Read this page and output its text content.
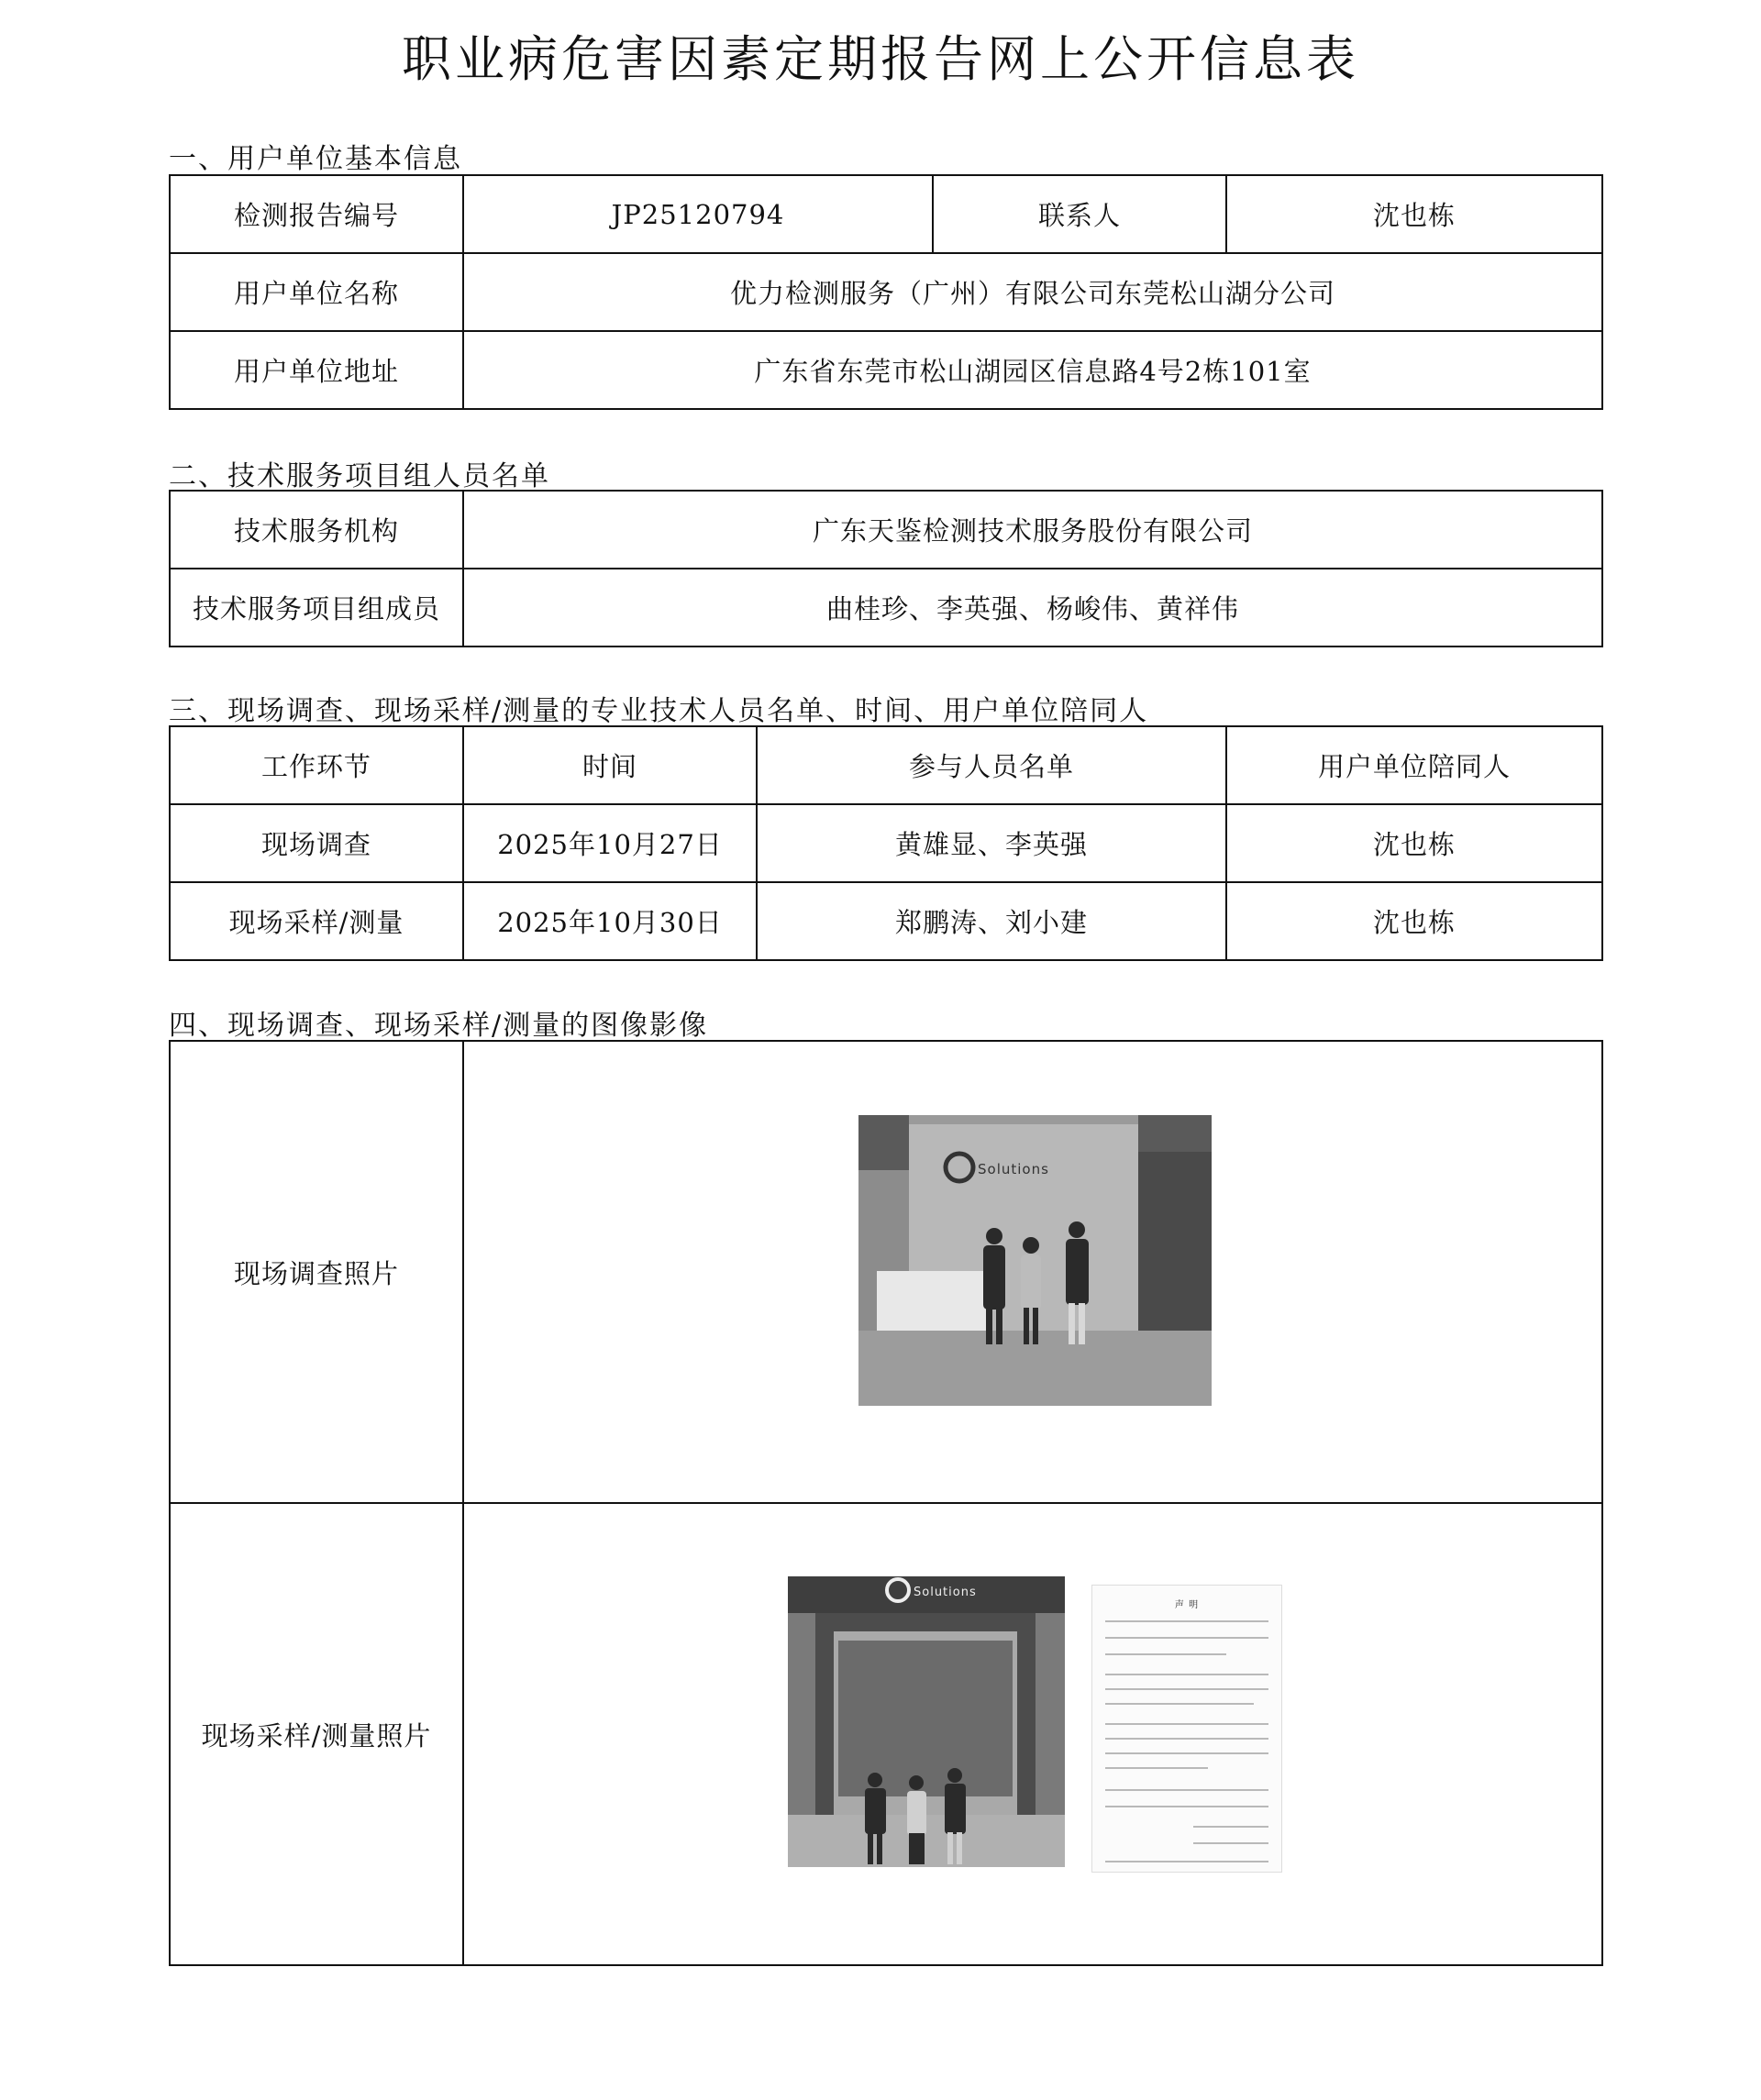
职业病危害因素定期报告网上公开信息表
一、用户单位基本信息
检测报告编号	JP25120794	联系人	沈也栋
用户单位名称	优力检测服务（广州）有限公司东莞松山湖分公司		
用户单位地址	广东省东莞市松山湖园区信息路4号2栋101室		
二、技术服务项目组人员名单
技术服务机构	广东天鉴检测技术服务股份有限公司
技术服务项目组成员	曲桂珍、李英强、杨峻伟、黄祥伟
三、现场调查、现场采样/测量的专业技术人员名单、时间、用户单位陪同人
工作环节	时间	参与人员名单	用户单位陪同人
现场调查	2025年10月27日	黄雄显、李英强	沈也栋
现场采样/测量	2025年10月30日	郑鹏涛、刘小建	沈也栋
四、现场调查、现场采样/测量的图像影像
现场调查照片	Solutions

现场采样/测量照片	Solutions
声 明
